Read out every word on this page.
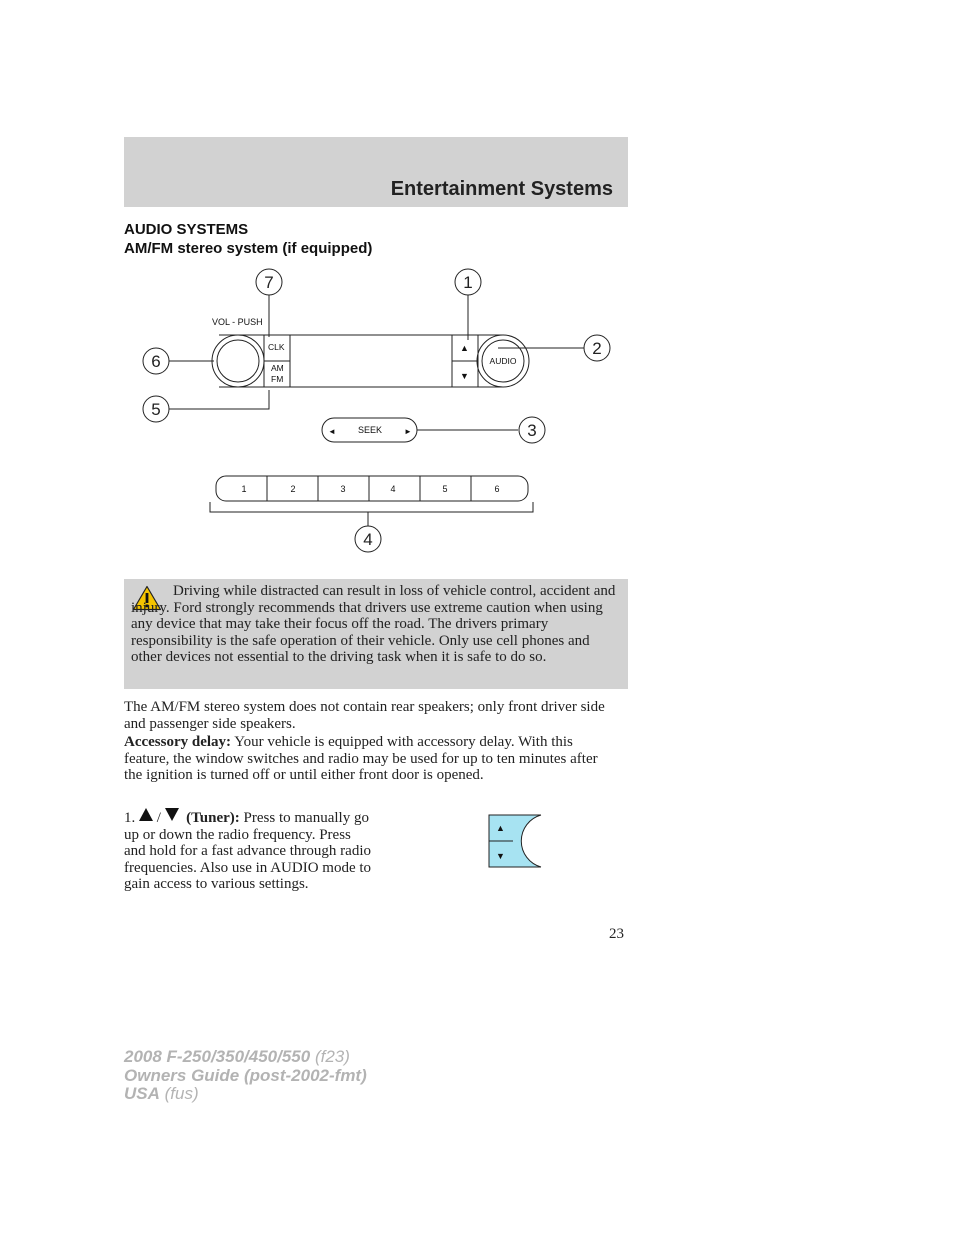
Entertainment Systems
AUDIO SYSTEMS
AM/FM stereo system (if equipped)
VOL - PUSH
CLK
AM
FM
▲
▼
AUDIO
◄ SEEK	►
1	2	3	4	5	6
7	1
2
6
5
3
4
Driving while distracted can result in loss of vehicle control, accident and injury. Ford strongly recommends that drivers use extreme caution when using any device that may take their focus off the road. The drivers primary responsibility is the safe operation of their vehicle. Only use cell phones and other devices not essential to the driving task when it is safe to do so.
The AM/FM stereo system does not contain rear speakers; only front driver side and passenger side speakers.
Accessory delay: Your vehicle is equipped with accessory delay. With this feature, the window switches and radio may be used for up to ten minutes after the ignition is turned off or until either front door is opened.
1. / (Tuner): Press to manually go up or down the radio frequency. Press and hold for a fast advance through radio frequencies. Also use in AUDIO mode to gain access to various settings.
▲
▼
23
2008 F-250/350/450/550 (f23)
Owners Guide (post-2002-fmt)
USA (fus)
